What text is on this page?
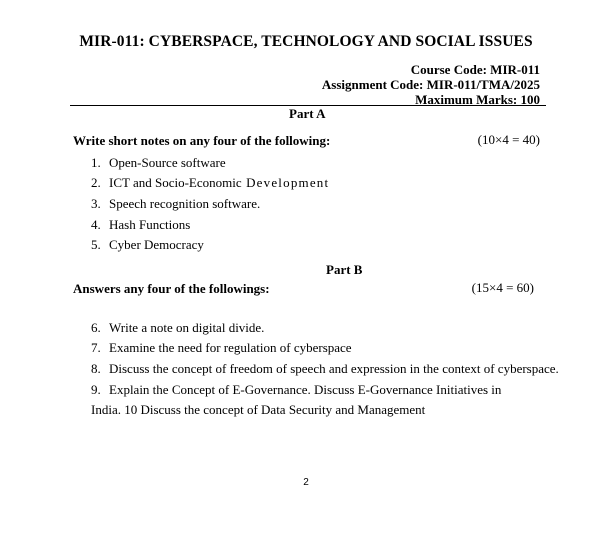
MIR-011: CYBERSPACE, TECHNOLOGY AND SOCIAL ISSUES
Course Code: MIR-011
Assignment Code: MIR-011/TMA/2025
Maximum Marks: 100
Part A
Write short notes on any four of the following:	(10×4 = 40)
1. Open-Source software
2. ICT and Socio-Economic Development
3. Speech recognition software.
4. Hash Functions
5. Cyber Democracy
Part B
Answers any four of the followings:	(15×4 = 60)
6. Write a note on digital divide.
7. Examine the need for regulation of cyberspace
8. Discuss the concept of freedom of speech and expression in the context of cyberspace.
9. Explain the Concept of E-Governance. Discuss E-Governance Initiatives in
India. 10 Discuss the concept of Data Security and Management
2
